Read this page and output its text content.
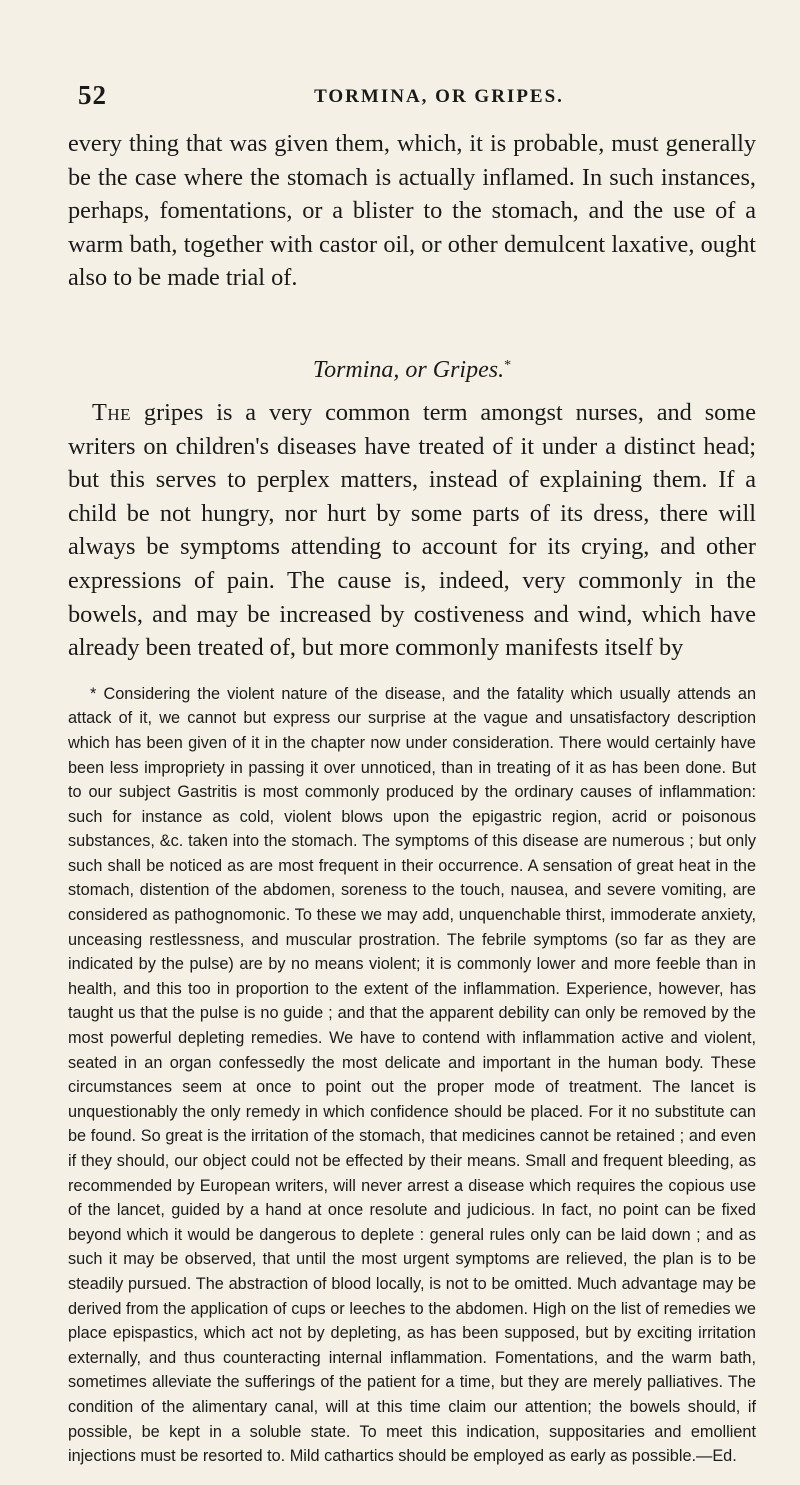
52	TORMINA, OR GRIPES.

every thing that was given them, which, it is probable, must generally be the case where the stomach is actually inflamed. In such instances, perhaps, fomentations, or a blister to the stomach, and the use of a warm bath, together with castor oil, or other demulcent laxative, ought also to be made trial of.

Tormina, or Gripes.*

The gripes is a very common term amongst nurses, and some writers on children's diseases have treated of it under a distinct head; but this serves to perplex matters, instead of explaining them. If a child be not hungry, nor hurt by some parts of its dress, there will always be symptoms attending to account for its crying, and other expressions of pain. The cause is, indeed, very commonly in the bowels, and may be increased by costiveness and wind, which have already been treated of, but more commonly manifests itself by

* Considering the violent nature of the disease, and the fatality which usually attends an attack of it, we cannot but express our surprise at the vague and unsatisfactory description which has been given of it in the chapter now under consideration. There would certainly have been less impropriety in passing it over unnoticed, than in treating of it as has been done. But to our subject Gastritis is most commonly produced by the ordinary causes of inflammation: such for instance as cold, violent blows upon the epigastric region, acrid or poisonous substances, &c. taken into the stomach. The symptoms of this disease are numerous ; but only such shall be noticed as are most frequent in their occurrence. A sensation of great heat in the stomach, distention of the abdomen, soreness to the touch, nausea, and severe vomiting, are considered as pathognomonic. To these we may add, unquenchable thirst, immoderate anxiety, unceasing restlessness, and muscular prostration. The febrile symptoms (so far as they are indicated by the pulse) are by no means violent; it is commonly lower and more feeble than in health, and this too in proportion to the extent of the inflammation. Experience, however, has taught us that the pulse is no guide ; and that the apparent debility can only be removed by the most powerful depleting remedies. We have to contend with inflammation active and violent, seated in an organ confessedly the most delicate and important in the human body. These circumstances seem at once to point out the proper mode of treatment. The lancet is unquestionably the only remedy in which confidence should be placed. For it no substitute can be found. So great is the irritation of the stomach, that medicines cannot be retained ; and even if they should, our object could not be effected by their means. Small and frequent bleeding, as recommended by European writers, will never arrest a disease which requires the copious use of the lancet, guided by a hand at once resolute and judicious. In fact, no point can be fixed beyond which it would be dangerous to deplete : general rules only can be laid down ; and as such it may be observed, that until the most urgent symptoms are relieved, the plan is to be steadily pursued. The abstraction of blood locally, is not to be omitted. Much advantage may be derived from the application of cups or leeches to the abdomen. High on the list of remedies we place epispastics, which act not by depleting, as has been supposed, but by exciting irritation externally, and thus counteracting internal inflammation. Fomentations, and the warm bath, sometimes alleviate the sufferings of the patient for a time, but they are merely palliatives. The condition of the alimentary canal, will at this time claim our attention; the bowels should, if possible, be kept in a soluble state. To meet this indication, suppositaries and emollient injections must be resorted to. Mild cathartics should be employed as early as possible.—Ed.
